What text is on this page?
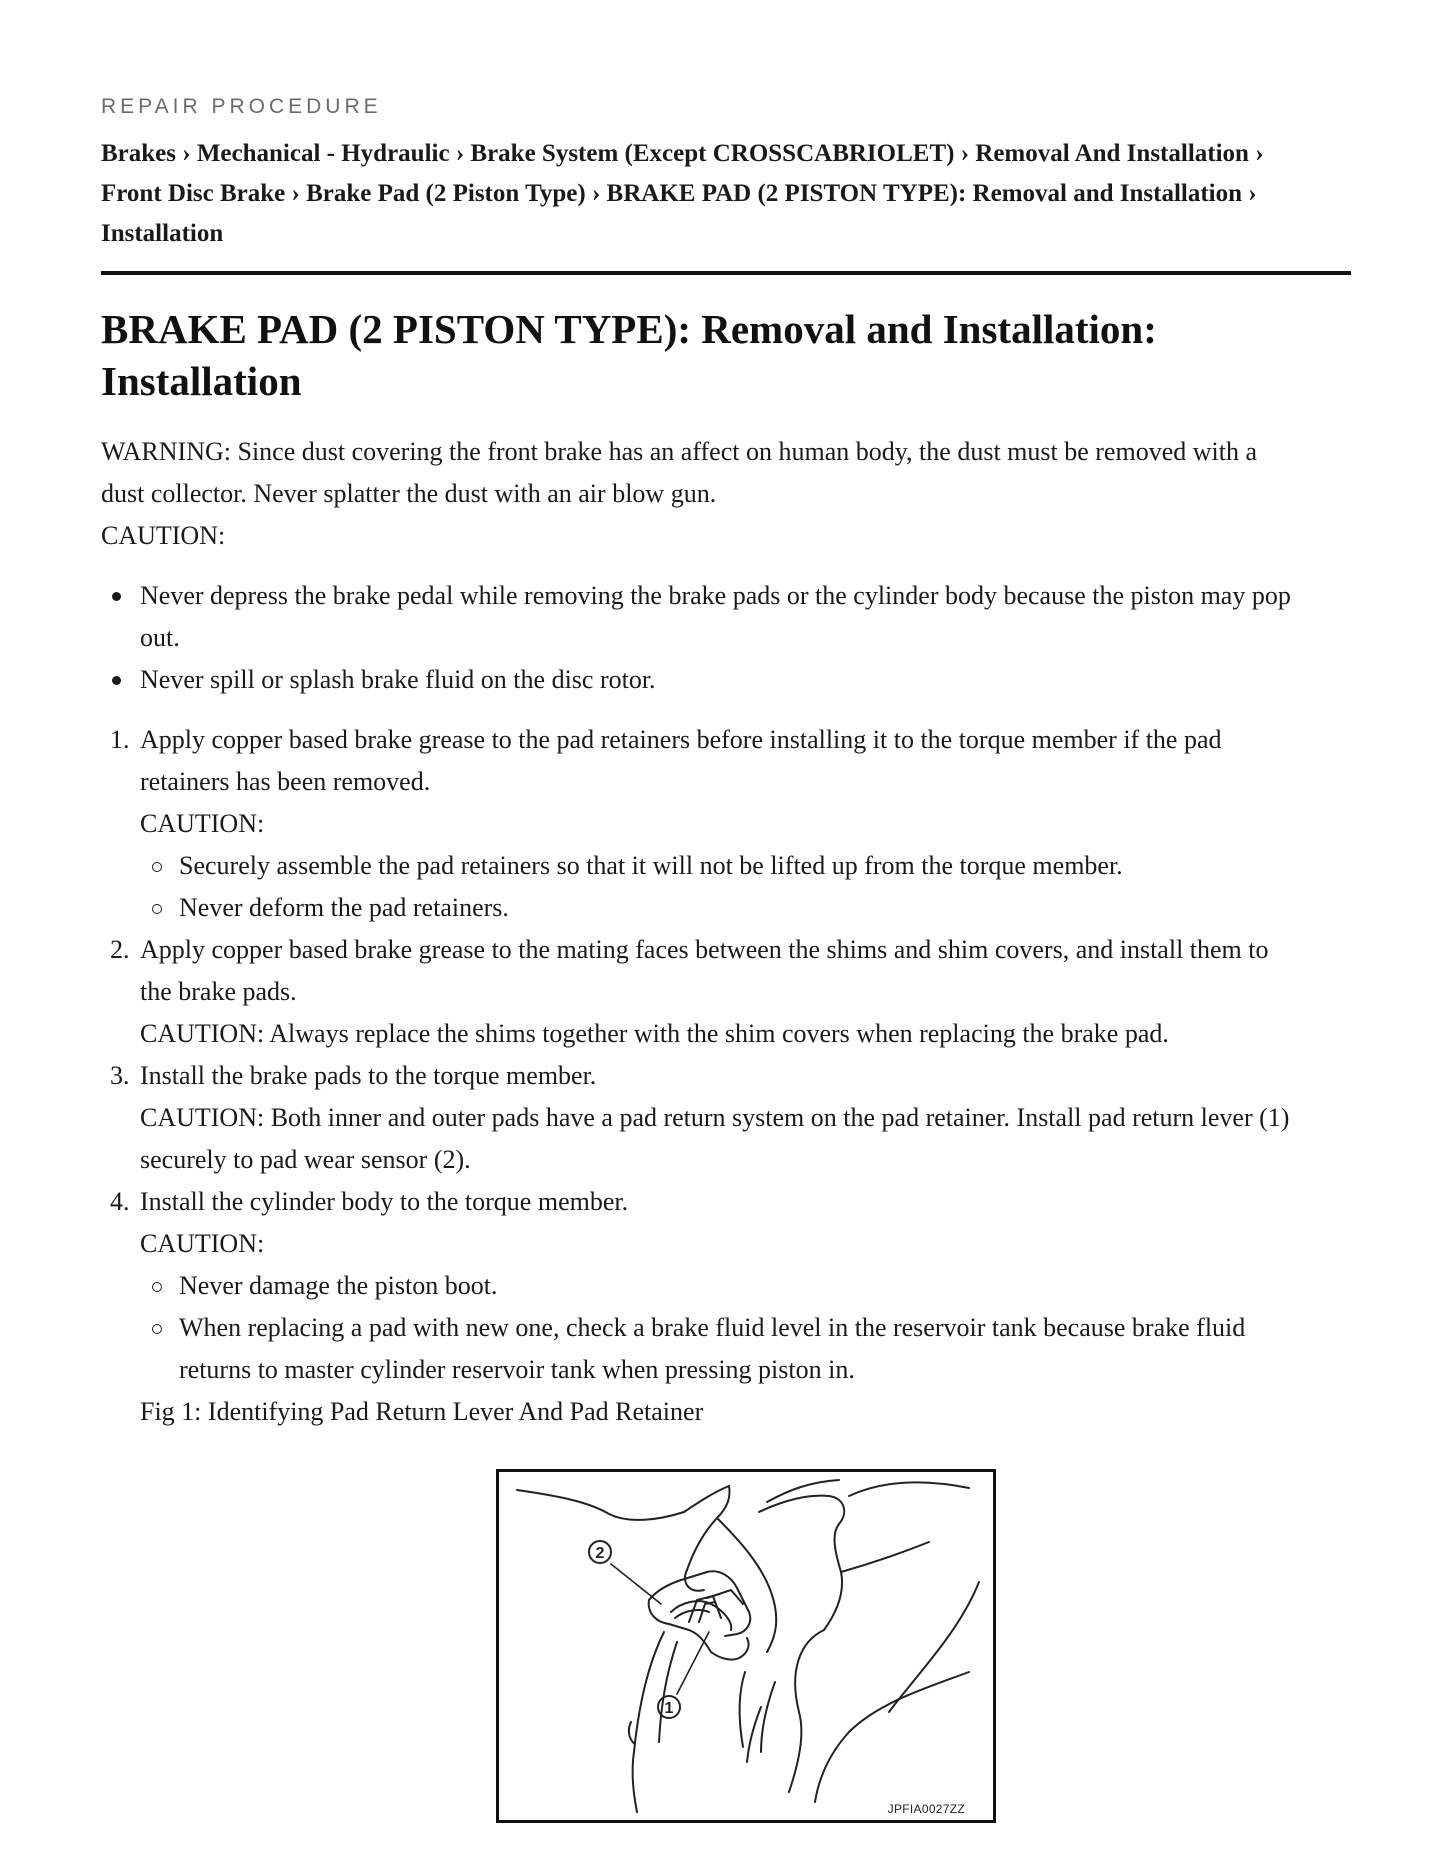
REPAIR PROCEDURE

Brakes › Mechanical - Hydraulic › Brake System (Except CROSSCABRIOLET) › Removal And Installation ›
Front Disc Brake › Brake Pad (2 Piston Type) › BRAKE PAD (2 PISTON TYPE): Removal and Installation ›
Installation
BRAKE PAD (2 PISTON TYPE): Removal and Installation: Installation
WARNING: Since dust covering the front brake has an affect on human body, the dust must be removed with a
dust collector. Never splatter the dust with an air blow gun.
CAUTION:
Never depress the brake pedal while removing the brake pads or the cylinder body because the piston may pop
out.
Never spill or splash brake fluid on the disc rotor.
1. Apply copper based brake grease to the pad retainers before installing it to the torque member if the pad
retainers has been removed.
CAUTION:
Securely assemble the pad retainers so that it will not be lifted up from the torque member.
Never deform the pad retainers.
2. Apply copper based brake grease to the mating faces between the shims and shim covers, and install them to
the brake pads.
CAUTION: Always replace the shims together with the shim covers when replacing the brake pad.
3. Install the brake pads to the torque member.
CAUTION: Both inner and outer pads have a pad return system on the pad retainer. Install pad return lever (1)
securely to pad wear sensor (2).
4. Install the cylinder body to the torque member.
CAUTION:
Never damage the piston boot.
When replacing a pad with new one, check a brake fluid level in the reservoir tank because brake fluid
returns to master cylinder reservoir tank when pressing piston in.
Fig 1: Identifying Pad Return Lever And Pad Retainer
2
1
JPFIA0027ZZ
